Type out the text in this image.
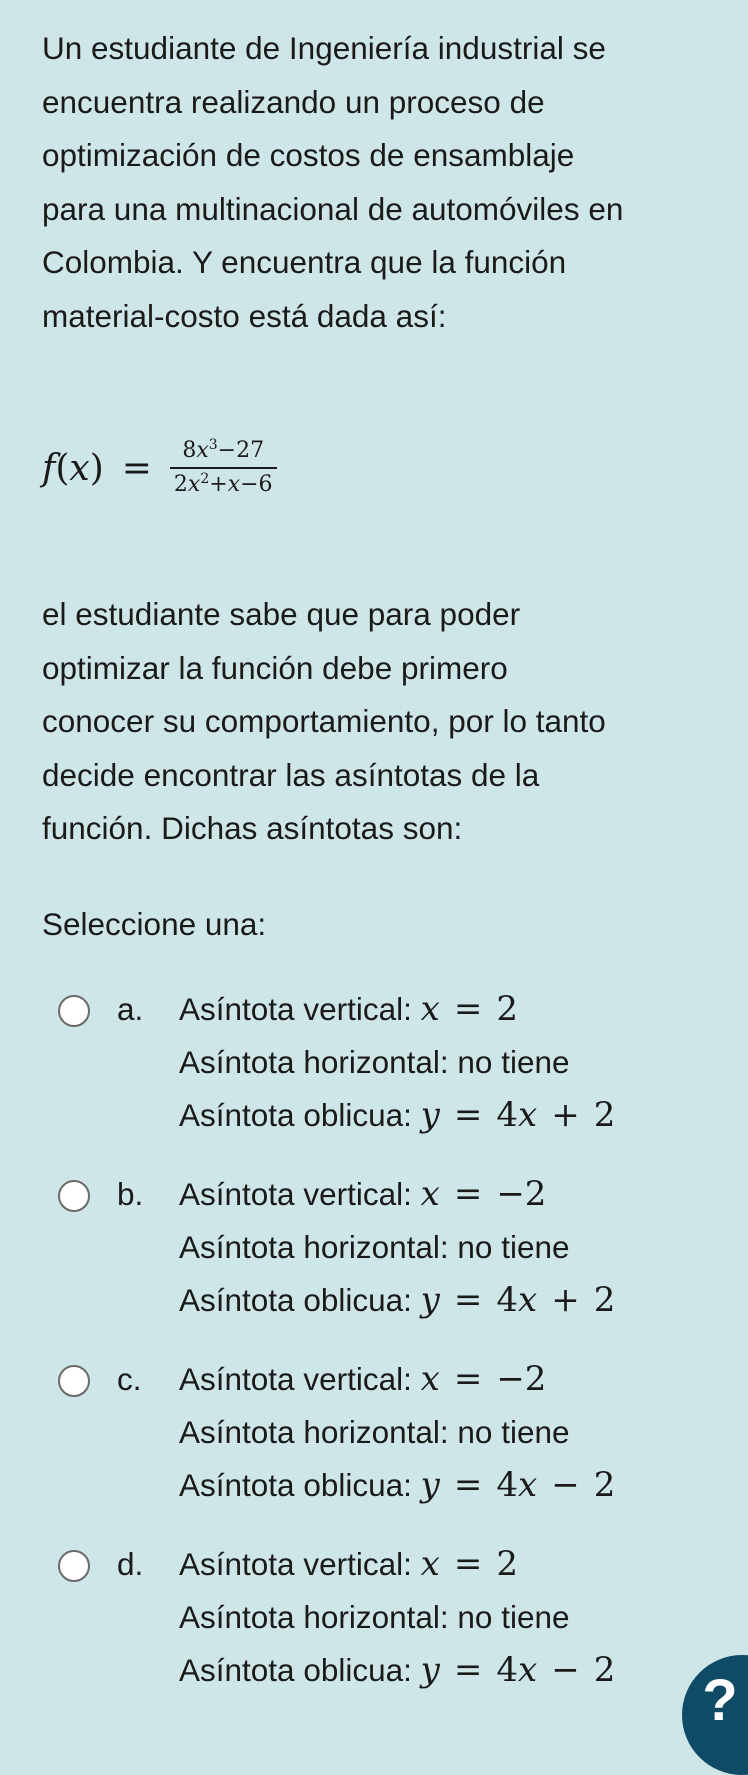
Un estudiante de Ingeniería industrial se

encuentra realizando un proceso de

optimización de costos de ensamblaje

para una multinacional de automóviles en

Colombia. Y encuentra que la función

material-costo está dada así:

$f(x) = \frac{8x^3-27}{2x^2+x-6}$

el estudiante sabe que para poder

optimizar la función debe primero

conocer su comportamiento, por lo tanto

decide encontrar las asíntotas de la

función. Dichas asíntotas son:

Seleccione una:
a. Asíntota vertical: x = 2
Asíntota horizontal: no tiene
Asíntota oblicua: y = 4x + 2
b. Asíntota vertical: x = −2
Asíntota horizontal: no tiene
Asíntota oblicua: y = 4x + 2
c. Asíntota vertical: x = −2
Asíntota horizontal: no tiene
Asíntota oblicua: y = 4x − 2
d. Asíntota vertical: x = 2
Asíntota horizontal: no tiene
Asíntota oblicua: y = 4x − 2	?
